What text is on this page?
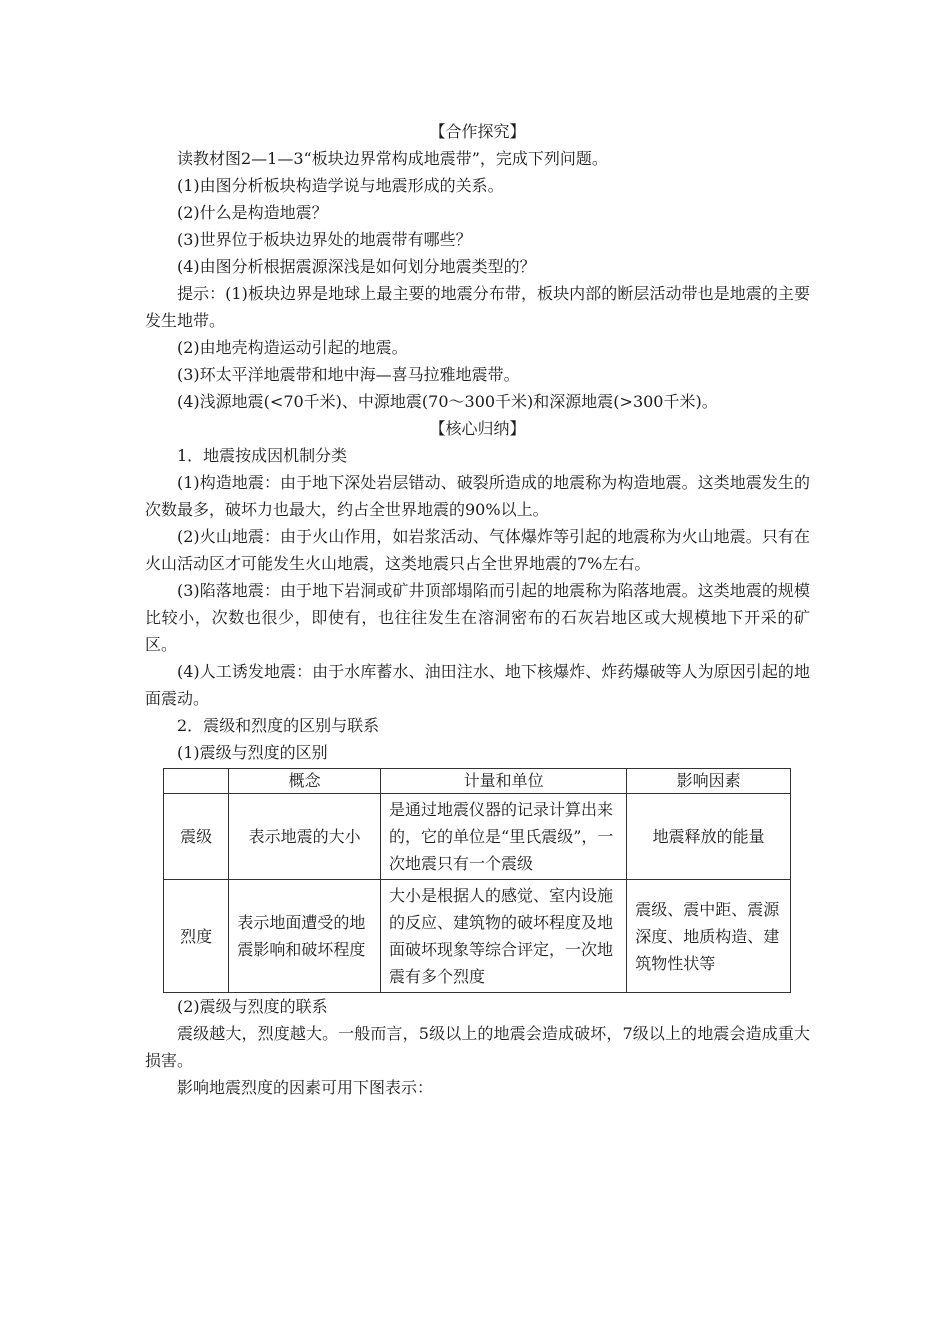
【合作探究】
读教材图2—1—3“板块边界常构成地震带”，完成下列问题。
(1)由图分析板块构造学说与地震形成的关系。
(2)什么是构造地震？
(3)世界位于板块边界处的地震带有哪些？
(4)由图分析根据震源深浅是如何划分地震类型的？
提示：(1)板块边界是地球上最主要的地震分布带，板块内部的断层活动带也是地震的主要发生地带。
(2)由地壳构造运动引起的地震。
(3)环太平洋地震带和地中海—喜马拉雅地震带。
(4)浅源地震(<70千米)、中源地震(70～300千米)和深源地震(>300千米)。
【核心归纳】
1．地震按成因机制分类
(1)构造地震：由于地下深处岩层错动、破裂所造成的地震称为构造地震。这类地震发生的次数最多，破坏力也最大，约占全世界地震的90%以上。
(2)火山地震：由于火山作用，如岩浆活动、气体爆炸等引起的地震称为火山地震。只有在火山活动区才可能发生火山地震，这类地震只占全世界地震的7%左右。
(3)陷落地震：由于地下岩洞或矿井顶部塌陷而引起的地震称为陷落地震。这类地震的规模比较小，次数也很少，即使有，也往往发生在溶洞密布的石灰岩地区或大规模地下开采的矿区。
(4)人工诱发地震：由于水库蓄水、油田注水、地下核爆炸、炸药爆破等人为原因引起的地面震动。
2．震级和烈度的区别与联系
(1)震级与烈度的区别
	概念	计量和单位	影响因素
震级	表示地震的大小	是通过地震仪器的记录计算出来的，它的单位是“里氏震级”，一次地震只有一个震级	地震释放的能量
烈度	表示地面遭受的地震影响和破坏程度	大小是根据人的感觉、室内设施的反应、建筑物的破坏程度及地面破坏现象等综合评定，一次地震有多个烈度	震级、震中距、震源深度、地质构造、建筑物性状等
(2)震级与烈度的联系
震级越大，烈度越大。一般而言，5级以上的地震会造成破坏，7级以上的地震会造成重大损害。
影响地震烈度的因素可用下图表示：
